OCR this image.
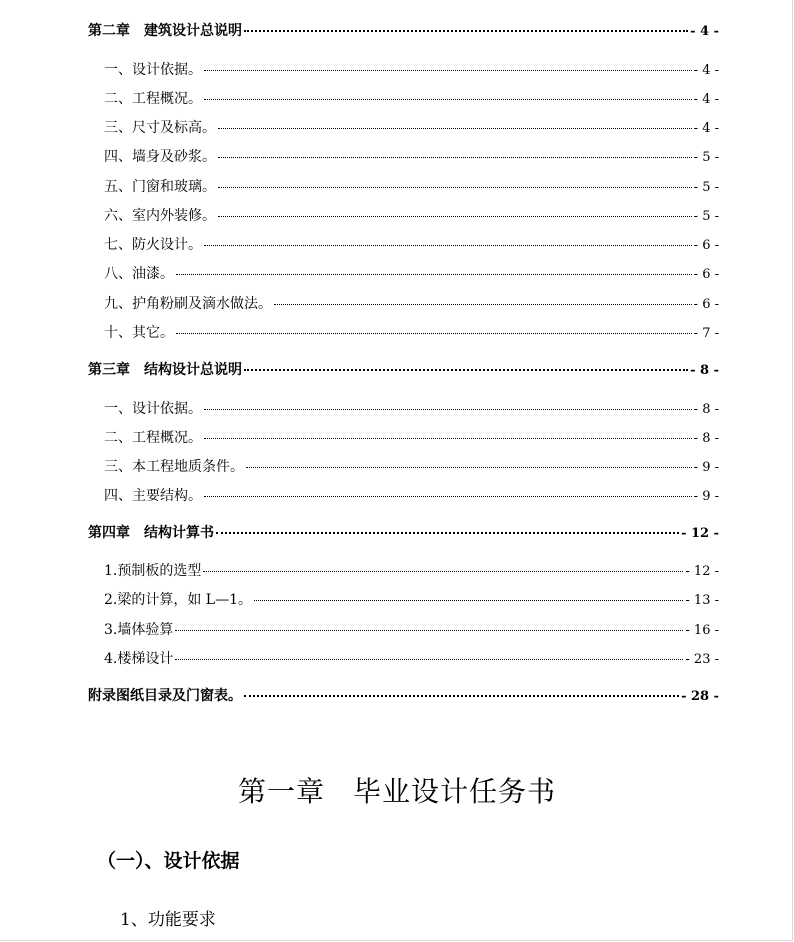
第二章　建筑设计总说明	- 4 -
一、设计依据。	- 4 -
二、工程概况。	- 4 -
三、尺寸及标高。	- 4 -
四、墙身及砂浆。	- 5 -
五、门窗和玻璃。	- 5 -
六、室内外装修。	- 5 -
七、防火设计。	- 6 -
八、油漆。	- 6 -
九、护角粉刷及滴水做法。	- 6 -
十、其它。	- 7 -
第三章　结构设计总说明	- 8 -
一、设计依据。	- 8 -
二、工程概况。	- 8 -
三、本工程地质条件。	- 9 -
四、主要结构。	- 9 -
第四章　结构计算书	- 12 -
1.预制板的选型	- 12 -
2.梁的计算，如 L—1。	- 13 -
3.墙体验算	- 16 -
4.楼梯设计	- 23 -
附录图纸目录及门窗表。	- 28 -
第一章 毕业设计任务书
（一）、设计依据
1、功能要求
